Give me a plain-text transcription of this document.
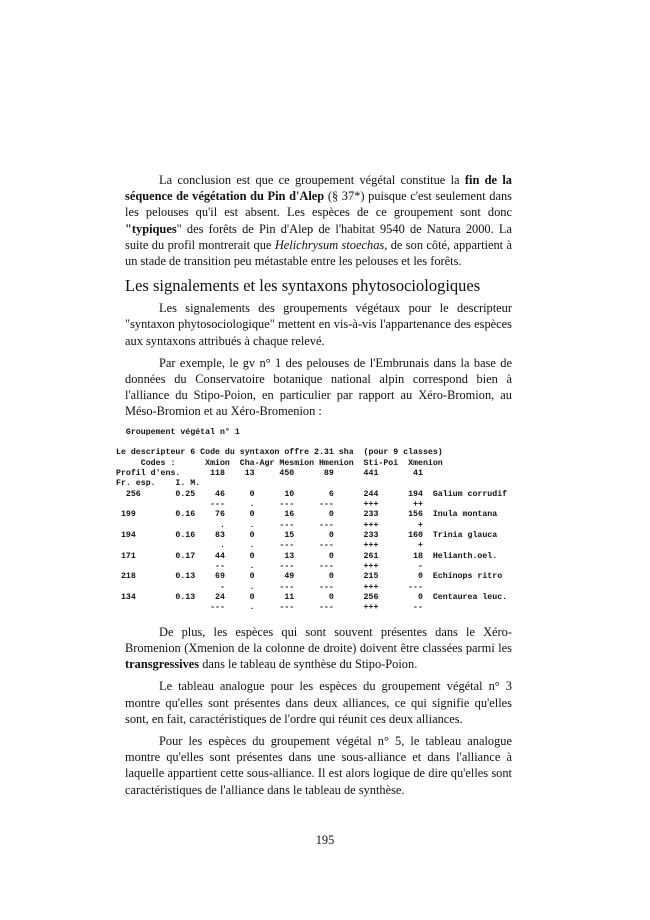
La conclusion est que ce groupement végétal constitue la fin de la séquence de végétation du Pin d'Alep (§ 37*) puisque c'est seulement dans les pelouses qu'il est absent. Les espèces de ce groupement sont donc "typiques" des forêts de Pin d'Alep de l'habitat 9540 de Natura 2000. La suite du profil montrerait que Helichrysum stoechas, de son côté, appartient à un stade de transition peu métastable entre les pelouses et les forêts.

Les signalements et les syntaxons phytosociologiques

Les signalements des groupements végétaux pour le descripteur "syntaxon phytosociologique" mettent en vis-à-vis l'appartenance des espèces aux syntaxons attribués à chaque relevé.

Par exemple, le gv n° 1 des pelouses de l'Embrunais dans la base de données du Conservatoire botanique national alpin correspond bien à l'alliance du Stipo-Poion, en particulier par rapport au Xéro-Bromion, au Méso-Bromion et au Xéro-Bromenion :

Groupement végétal n° 1

Le descripteur 6 Code du syntaxon offre 2.31 sha  (pour 9 classes)
Codes :      Xmion  Cha-Agr Mesmion Hmenion  Sti-Poi  Xmenion
Profil d'ens.      118    13     450      89      441       41
Fr. esp.    I. M.
256       0.25    46     0      10       6      244      194  Galium corrudif
---     .     ---     ---      +++       ++
199        0.16    76     0      16       0      233      156  Inula montana
.     .     ---     ---      +++        +
194        0.16    83     0      15       0      233      160  Trinia glauca
.     .     ---     ---      +++        +
171        0.17    44     0      13       0      261       18  Helianth.oel.
--     .     ---     ---      +++        -
218        0.13    69     0      49       0      215        0  Echinops ritro
-     .     ---     ---      +++      ---
134        0.13    24     0      11       0      256        0  Centaurea leuc.
---     .     ---     ---      +++       --

De plus, les espèces qui sont souvent présentes dans le Xéro-Bromenion (Xmenion de la colonne de droite) doivent être classées parmi les transgressives dans le tableau de synthèse du Stipo-Poion.

Le tableau analogue pour les espèces du groupement végétal n° 3 montre qu'elles sont présentes dans deux alliances, ce qui signifie qu'elles sont, en fait, caractéristiques de l'ordre qui réunit ces deux alliances.

Pour les espèces du groupement végétal n° 5, le tableau analogue montre qu'elles sont présentes dans une sous-alliance et dans l'alliance à laquelle appartient cette sous-alliance. Il est alors logique de dire qu'elles sont caractéristiques de l'alliance dans le tableau de synthèse.

195
